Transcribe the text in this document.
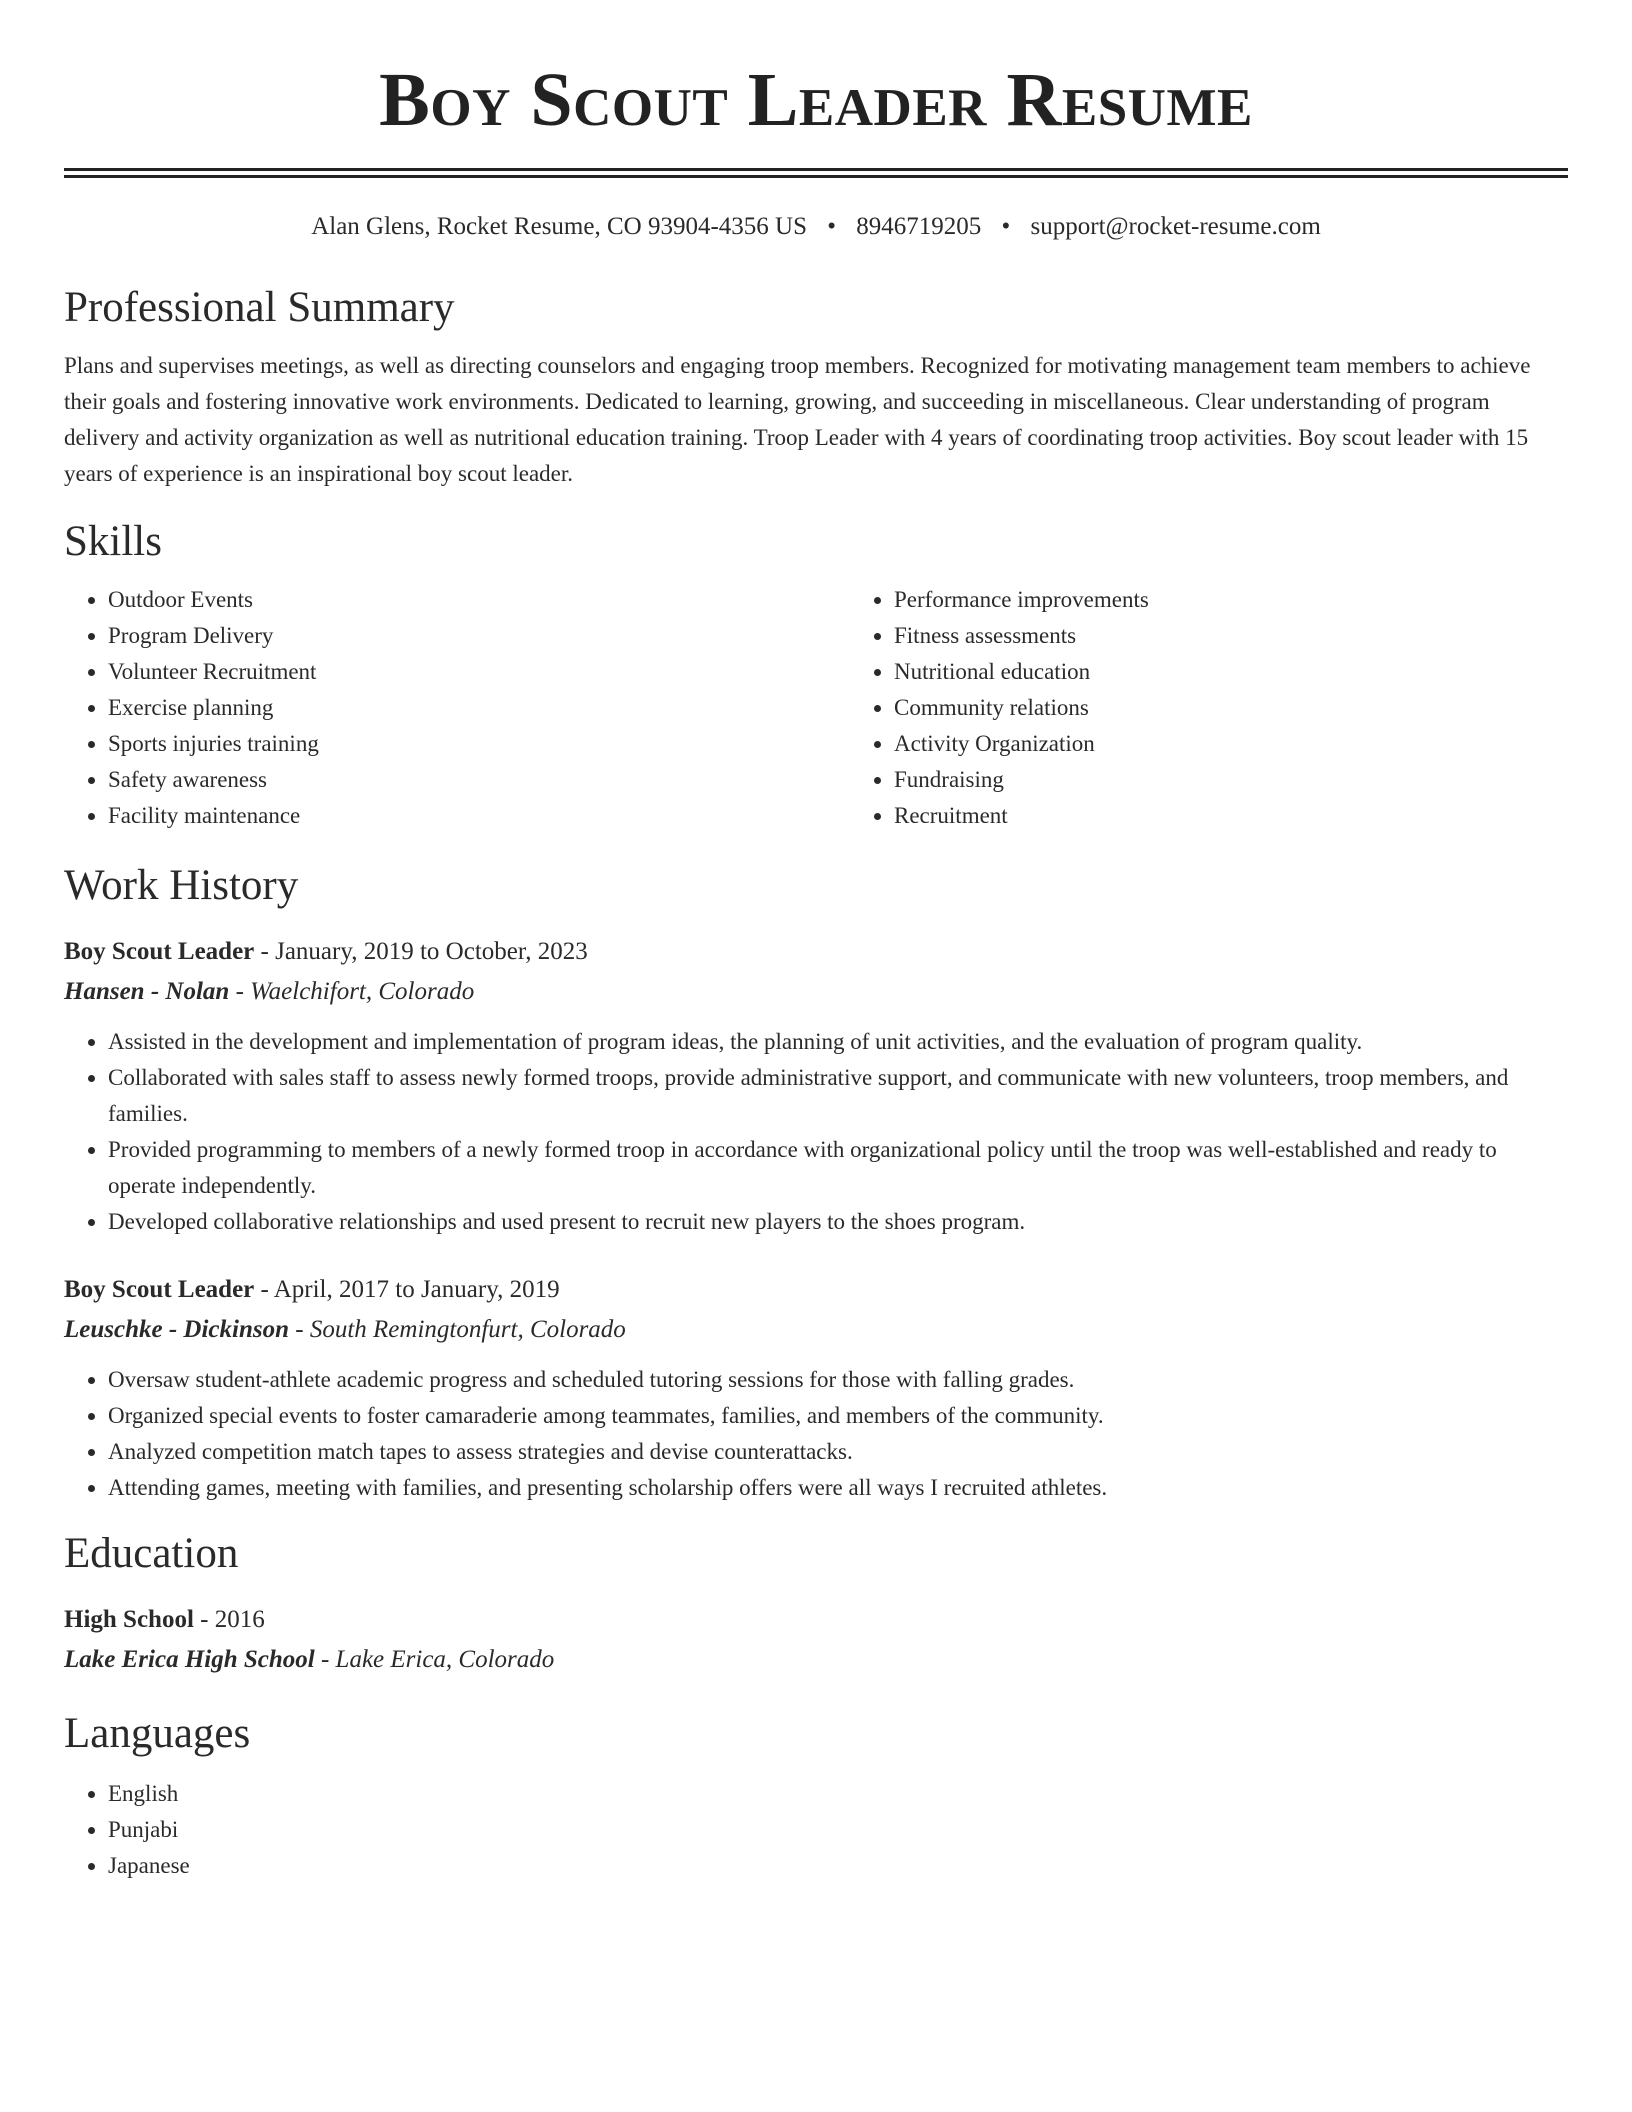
Boy Scout Leader Resume
Alan Glens, Rocket Resume, CO 93904-4356 US • 8946719205 • support@rocket-resume.com
Professional Summary

Plans and supervises meetings, as well as directing counselors and engaging troop members. Recognized for motivating management team members to achieve their goals and fostering innovative work environments. Dedicated to learning, growing, and succeeding in miscellaneous. Clear understanding of program delivery and activity organization as well as nutritional education training. Troop Leader with 4 years of coordinating troop activities. Boy scout leader with 15 years of experience is an inspirational boy scout leader.

Skills
• Outdoor Events
• Program Delivery
• Volunteer Recruitment
• Exercise planning
• Sports injuries training
• Safety awareness
• Facility maintenance
• Performance improvements
• Fitness assessments
• Nutritional education
• Community relations
• Activity Organization
• Fundraising
• Recruitment
Work History
Boy Scout Leader - January, 2019 to October, 2023
Hansen - Nolan - Waelchifort, Colorado
• Assisted in the development and implementation of program ideas, the planning of unit activities, and the evaluation of program quality.
• Collaborated with sales staff to assess newly formed troops, provide administrative support, and communicate with new volunteers, troop members, and families.
• Provided programming to members of a newly formed troop in accordance with organizational policy until the troop was well-established and ready to operate independently.
• Developed collaborative relationships and used present to recruit new players to the shoes program.
Boy Scout Leader - April, 2017 to January, 2019
Leuschke - Dickinson - South Remingtonfurt, Colorado
• Oversaw student-athlete academic progress and scheduled tutoring sessions for those with falling grades.
• Organized special events to foster camaraderie among teammates, families, and members of the community.
• Analyzed competition match tapes to assess strategies and devise counterattacks.
• Attending games, meeting with families, and presenting scholarship offers were all ways I recruited athletes.
Education
High School - 2016
Lake Erica High School - Lake Erica, Colorado
Languages
• English
• Punjabi
• Japanese
